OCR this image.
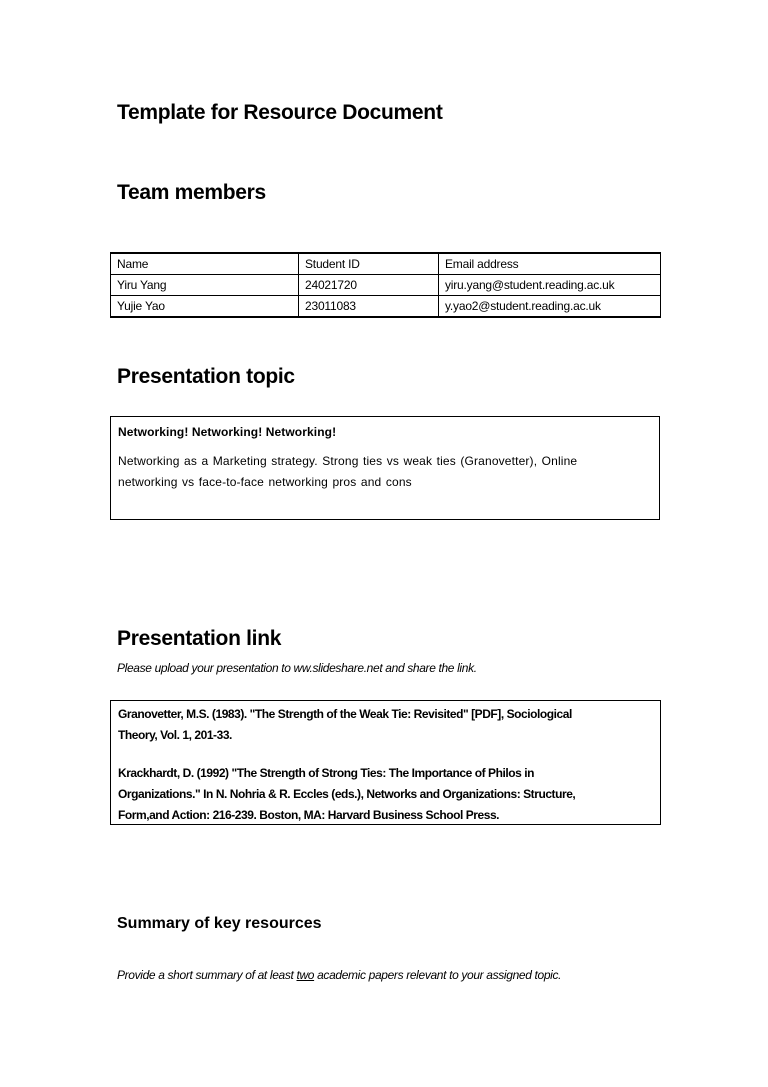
Template for Resource Document
Team members
Name	Student ID	Email address
Yiru Yang	24021720	yiru.yang@student.reading.ac.uk
Yujie Yao	23011083	y.yao2@student.reading.ac.uk
Presentation topic
Networking! Networking! Networking!
Networking as a Marketing strategy. Strong ties vs weak ties (Granovetter), Online
networking vs face-to-face networking pros and cons
Presentation link
Please upload your presentation to ww.slideshare.net and share the link.
Granovetter, M.S. (1983). "The Strength of the Weak Tie: Revisited" [PDF], Sociological
Theory, Vol. 1, 201-33.
Krackhardt, D. (1992) "The Strength of Strong Ties: The Importance of Philos in
Organizations." In N. Nohria & R. Eccles (eds.), Networks and Organizations: Structure,
Form,and Action: 216-239. Boston, MA: Harvard Business School Press.
Summary of key resources
Provide a short summary of at least two academic papers relevant to your assigned topic.
